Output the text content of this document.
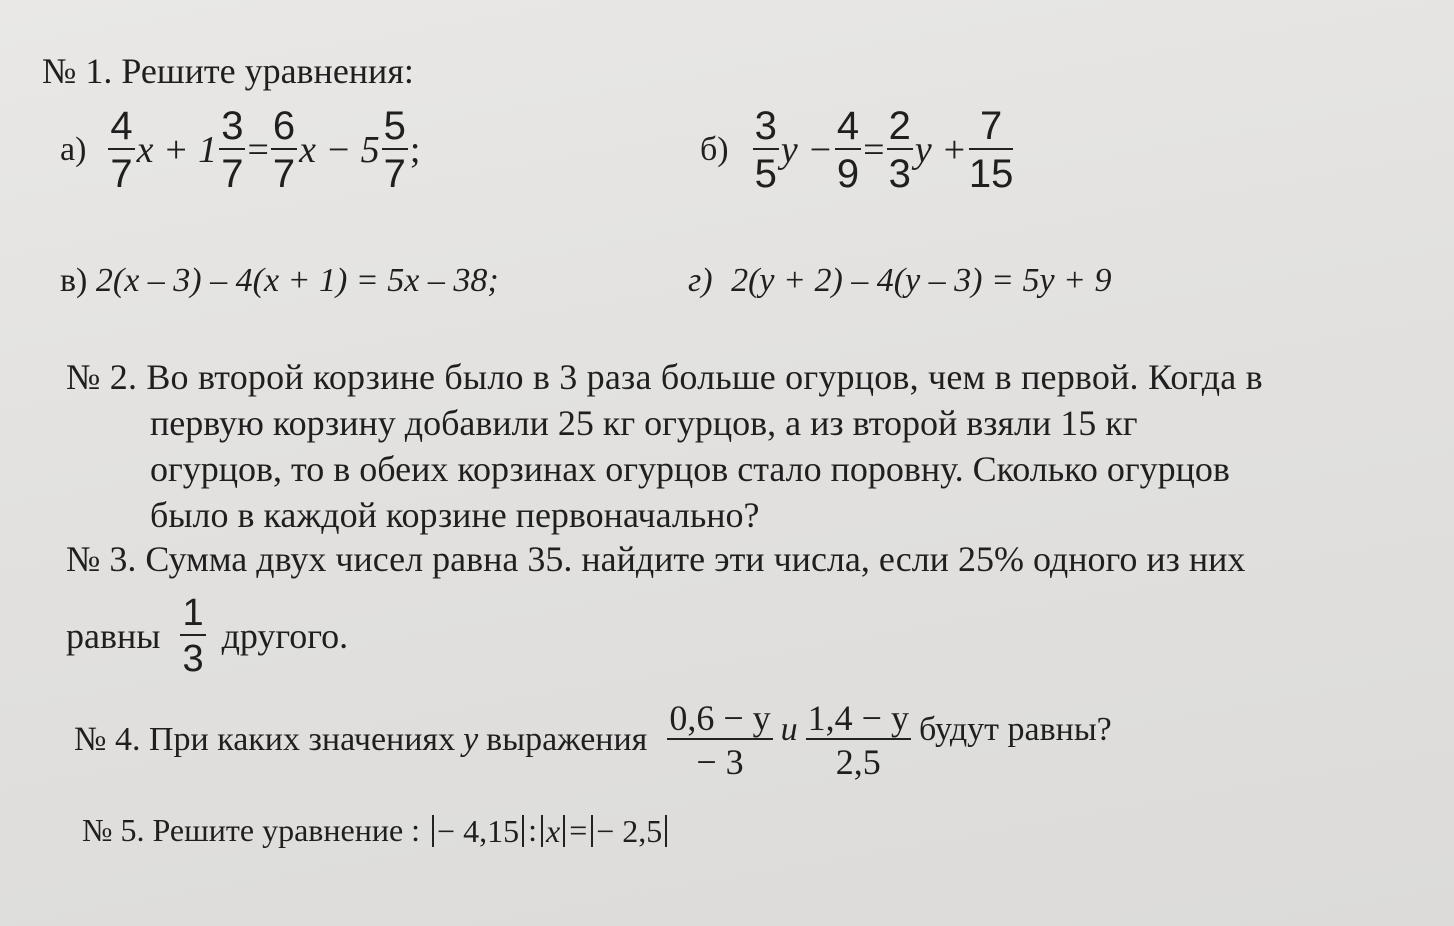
№ 1. Решите уравнения:
$а) \frac{4}{7}$ $x + 1 \frac{3}{7} = \frac{6}{7}$ $x - 5 \frac{5}{7}$ ;	$б) \frac{3}{5}$ $y - \frac{4}{9} = \frac{2}{3}$ $y + \frac{7}{15}$
в) 2(x – 3) – 4(x + 1) = 5x – 38;	г) 2(y + 2) – 4(y – 3) = 5y + 9
№ 2. Во второй корзине было в 3 раза больше огурцов, чем в первой. Когда в
первую корзину добавили 25 кг огурцов, а из второй взяли 15 кг
огурцов, то в обеих корзинах огурцов стало поровну. Сколько огурцов
было в каждой корзине первоначально?
№ 3. Сумма двух чисел равна 35. найдите эти числа, если 25% одного из них
равны $\frac{1}{3}$ другого.
№ 4. При каких значениях y выражения $\frac{0,6 - y}{- 3}$ и $\frac{1,4 - y}{2,5}$ будут равны?
№ 5. Решите уравнение : − 4,15 : x = − 2,5
